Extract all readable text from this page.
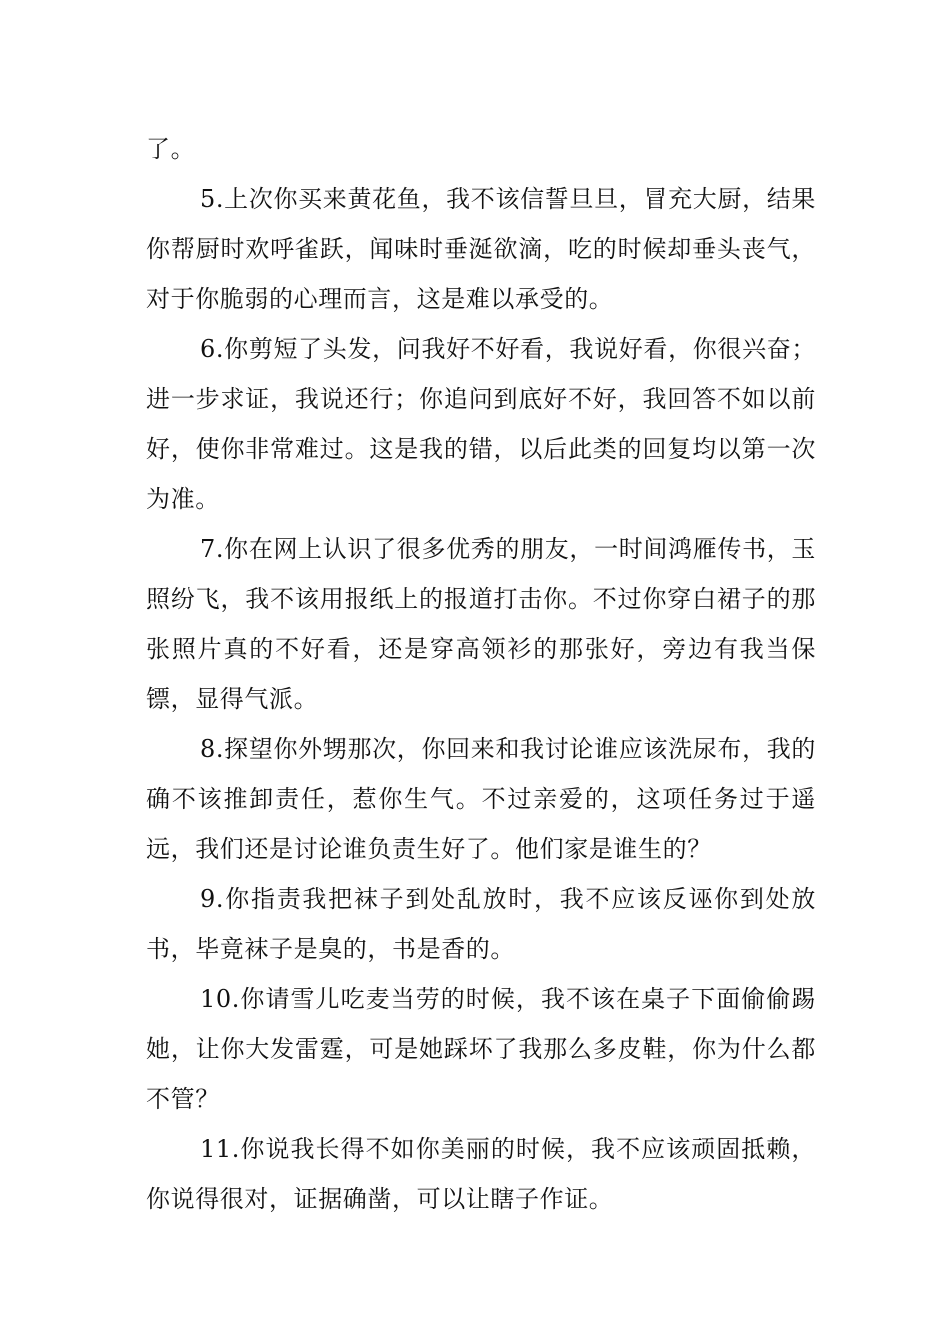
了。

5.上次你买来黄花鱼，我不该信誓旦旦，冒充大厨，结果你帮厨时欢呼雀跃，闻味时垂涎欲滴，吃的时候却垂头丧气，对于你脆弱的心理而言，这是难以承受的。

6.你剪短了头发，问我好不好看，我说好看，你很兴奋；进一步求证，我说还行；你追问到底好不好，我回答不如以前好，使你非常难过。这是我的错，以后此类的回复均以第一次为准。

7.你在网上认识了很多优秀的朋友，一时间鸿雁传书，玉照纷飞，我不该用报纸上的报道打击你。不过你穿白裙子的那张照片真的不好看，还是穿高领衫的那张好，旁边有我当保镖，显得气派。

8.探望你外甥那次，你回来和我讨论谁应该洗尿布，我的确不该推卸责任，惹你生气。不过亲爱的，这项任务过于遥远，我们还是讨论谁负责生好了。他们家是谁生的？

9.你指责我把袜子到处乱放时，我不应该反诬你到处放书，毕竟袜子是臭的，书是香的。

10.你请雪儿吃麦当劳的时候，我不该在桌子下面偷偷踢她，让你大发雷霆，可是她踩坏了我那么多皮鞋，你为什么都不管？

11.你说我长得不如你美丽的时候，我不应该顽固抵赖，你说得很对，证据确凿，可以让瞎子作证。
